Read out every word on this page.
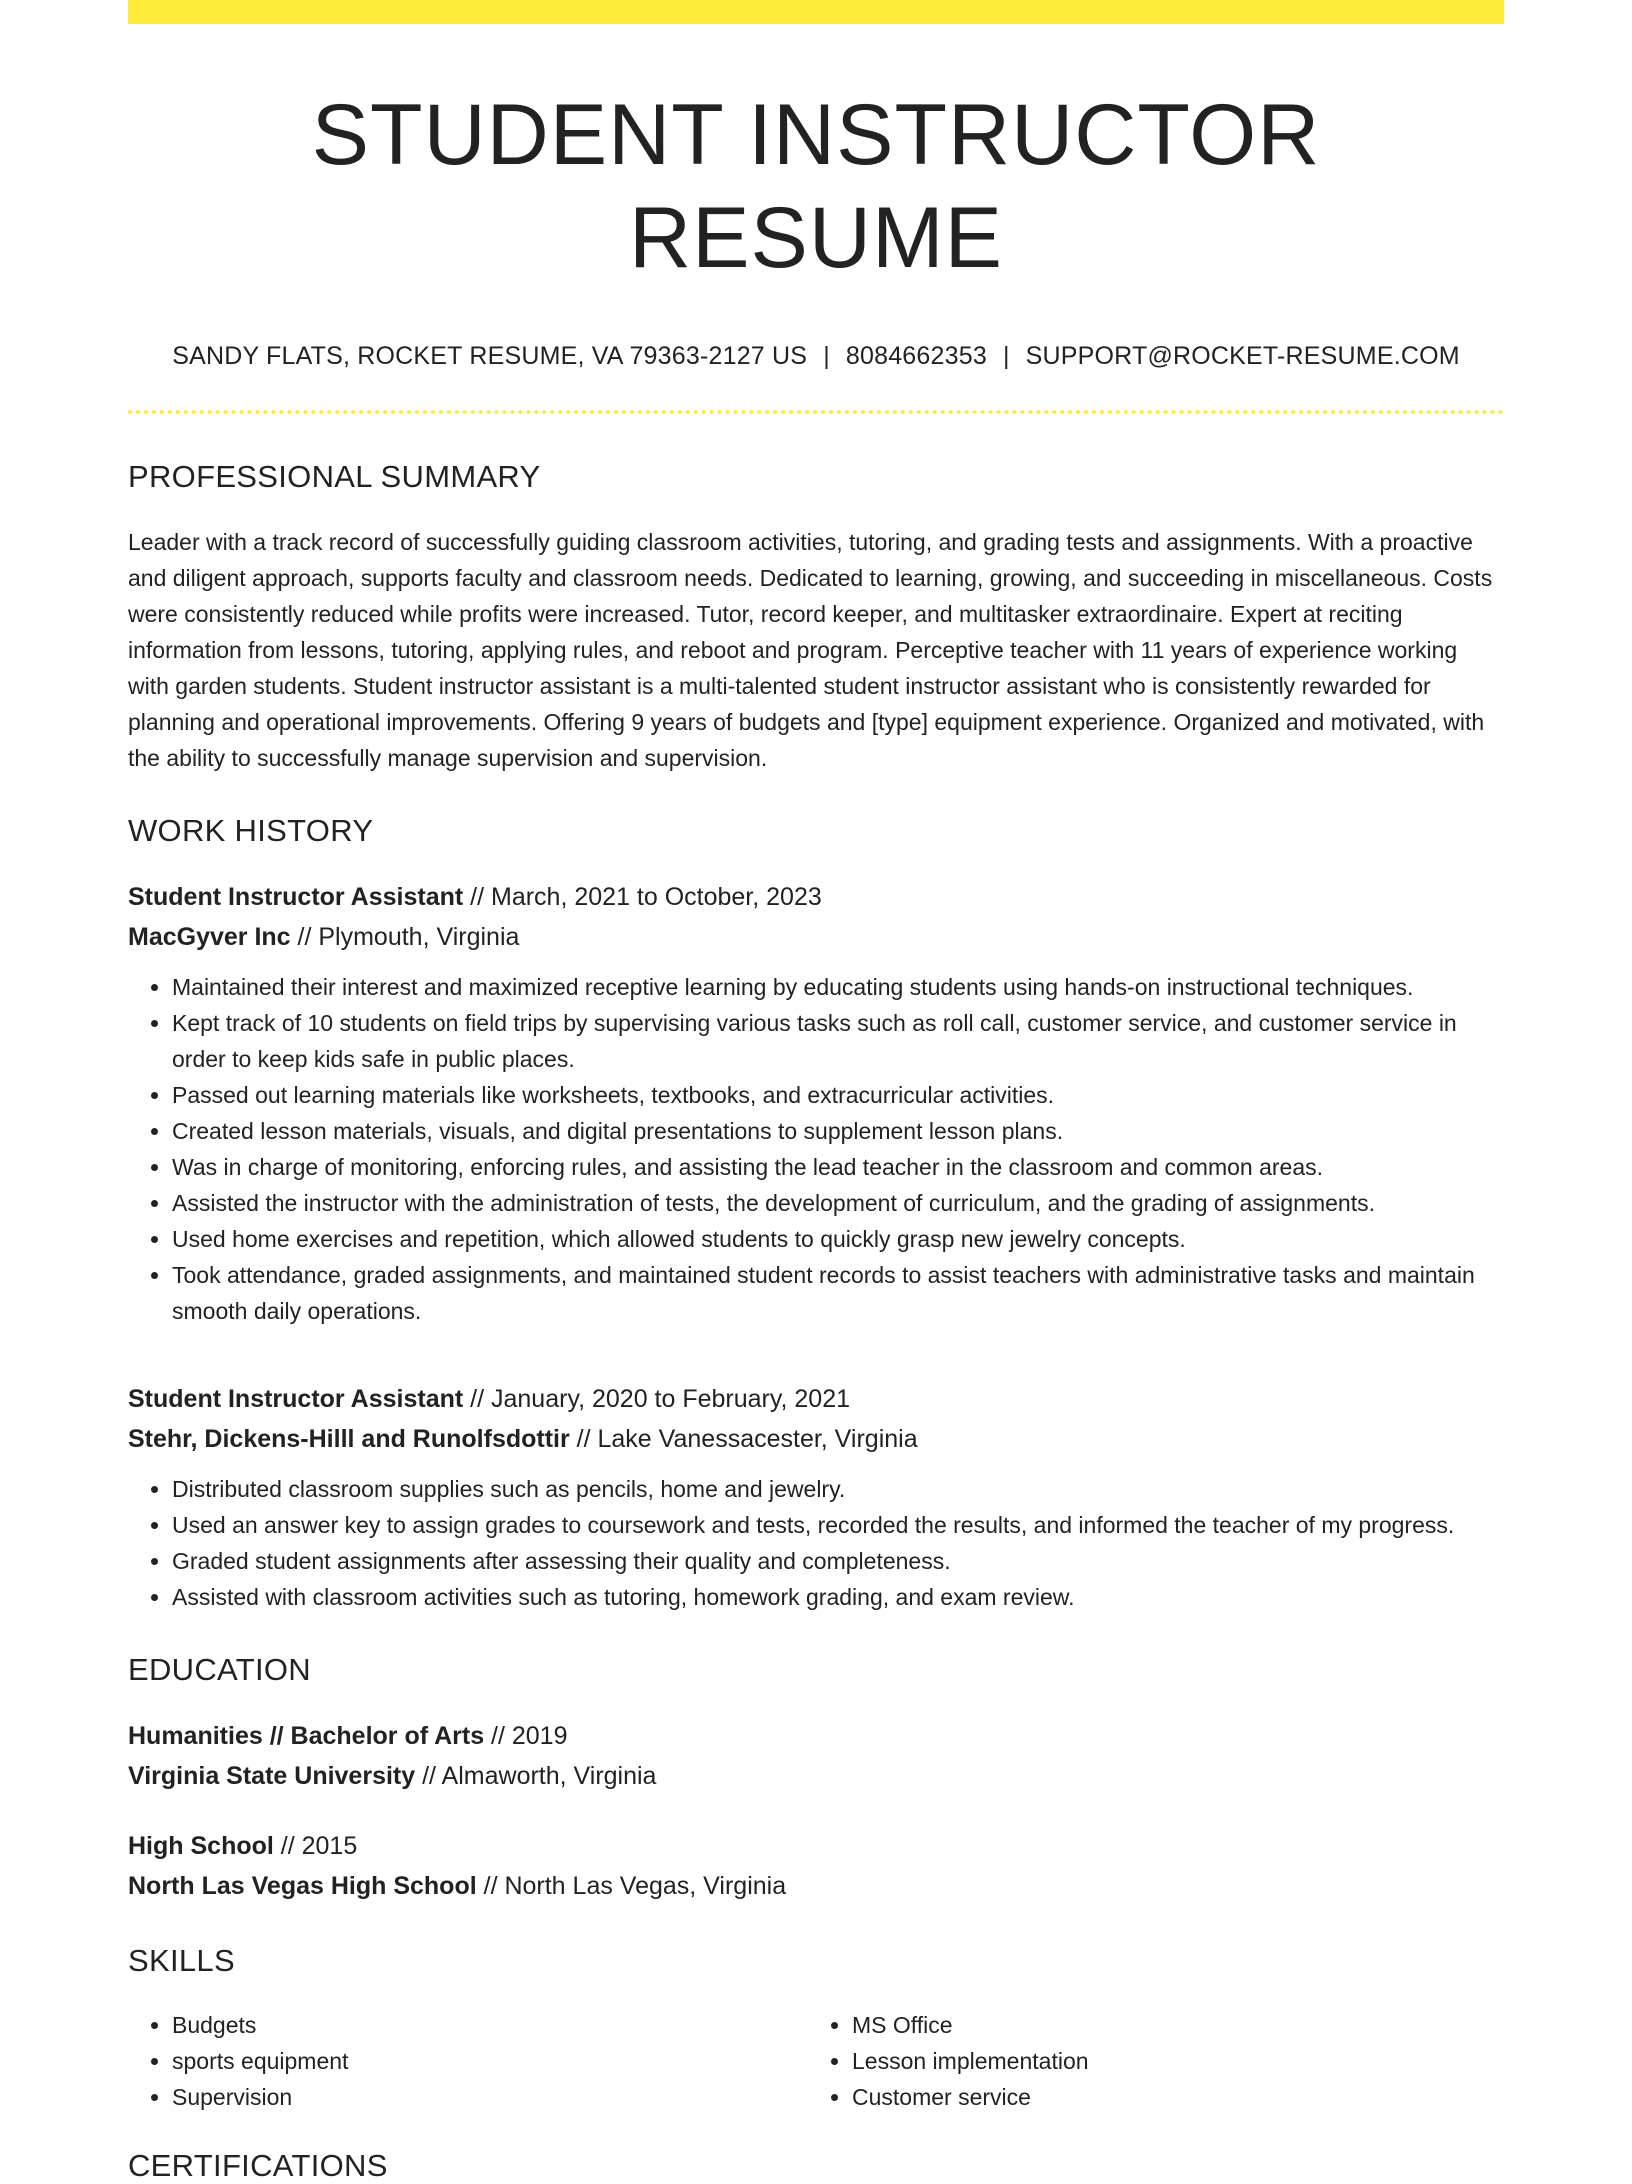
STUDENT INSTRUCTOR RESUME
SANDY FLATS, ROCKET RESUME, VA 79363-2127 US | 8084662353 | SUPPORT@ROCKET-RESUME.COM
PROFESSIONAL SUMMARY

Leader with a track record of successfully guiding classroom activities, tutoring, and grading tests and assignments. With a proactive and diligent approach, supports faculty and classroom needs. Dedicated to learning, growing, and succeeding in miscellaneous. Costs were consistently reduced while profits were increased. Tutor, record keeper, and multitasker extraordinaire. Expert at reciting information from lessons, tutoring, applying rules, and reboot and program. Perceptive teacher with 11 years of experience working with garden students. Student instructor assistant is a multi-talented student instructor assistant who is consistently rewarded for planning and operational improvements. Offering 9 years of budgets and [type] equipment experience. Organized and motivated, with the ability to successfully manage supervision and supervision.

WORK HISTORY
Student Instructor Assistant // March, 2021 to October, 2023
MacGyver Inc // Plymouth, Virginia
• Maintained their interest and maximized receptive learning by educating students using hands-on instructional techniques.
• Kept track of 10 students on field trips by supervising various tasks such as roll call, customer service, and customer service in order to keep kids safe in public places.
• Passed out learning materials like worksheets, textbooks, and extracurricular activities.
• Created lesson materials, visuals, and digital presentations to supplement lesson plans.
• Was in charge of monitoring, enforcing rules, and assisting the lead teacher in the classroom and common areas.
• Assisted the instructor with the administration of tests, the development of curriculum, and the grading of assignments.
• Used home exercises and repetition, which allowed students to quickly grasp new jewelry concepts.
• Took attendance, graded assignments, and maintained student records to assist teachers with administrative tasks and maintain smooth daily operations.
Student Instructor Assistant // January, 2020 to February, 2021
Stehr, Dickens-Hilll and Runolfsdottir // Lake Vanessacester, Virginia
• Distributed classroom supplies such as pencils, home and jewelry.
• Used an answer key to assign grades to coursework and tests, recorded the results, and informed the teacher of my progress.
• Graded student assignments after assessing their quality and completeness.
• Assisted with classroom activities such as tutoring, homework grading, and exam review.
EDUCATION
Humanities // Bachelor of Arts // 2019
Virginia State University // Almaworth, Virginia
High School // 2015
North Las Vegas High School // North Las Vegas, Virginia
SKILLS
• Budgets
• sports equipment
• Supervision
• MS Office
• Lesson implementation
• Customer service
CERTIFICATIONS
